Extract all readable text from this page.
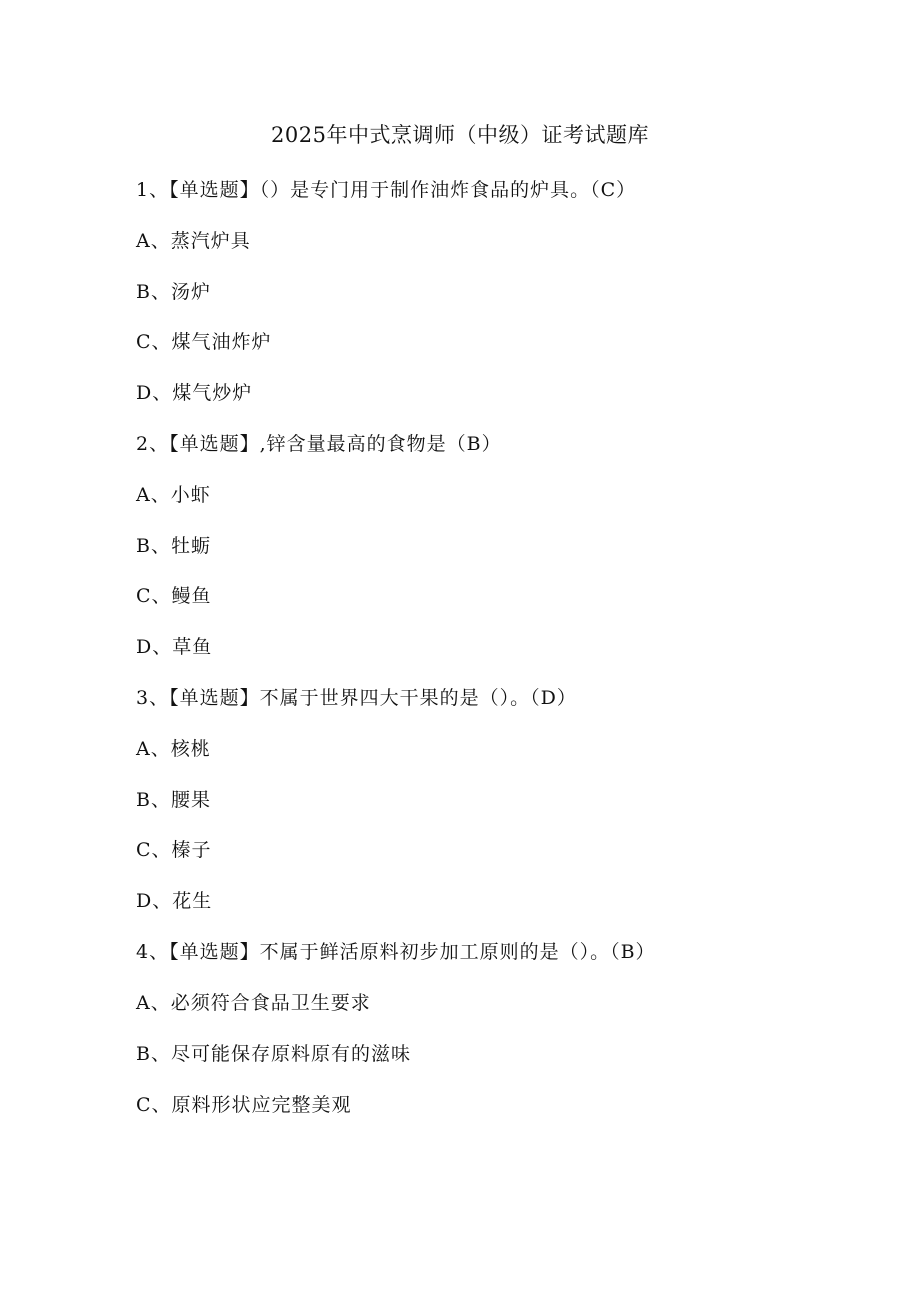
2025年中式烹调师（中级）证考试题库
1、【单选题】（）是专门用于制作油炸食品的炉具。（C）
A、蒸汽炉具
B、汤炉
C、煤气油炸炉
D、煤气炒炉
2、【单选题】,锌含量最高的食物是（B）
A、小虾
B、牡蛎
C、鳗鱼
D、草鱼
3、【单选题】不属于世界四大干果的是（）。（D）
A、核桃
B、腰果
C、榛子
D、花生
4、【单选题】不属于鲜活原料初步加工原则的是（）。（B）
A、必须符合食品卫生要求
B、尽可能保存原料原有的滋味
C、原料形状应完整美观
